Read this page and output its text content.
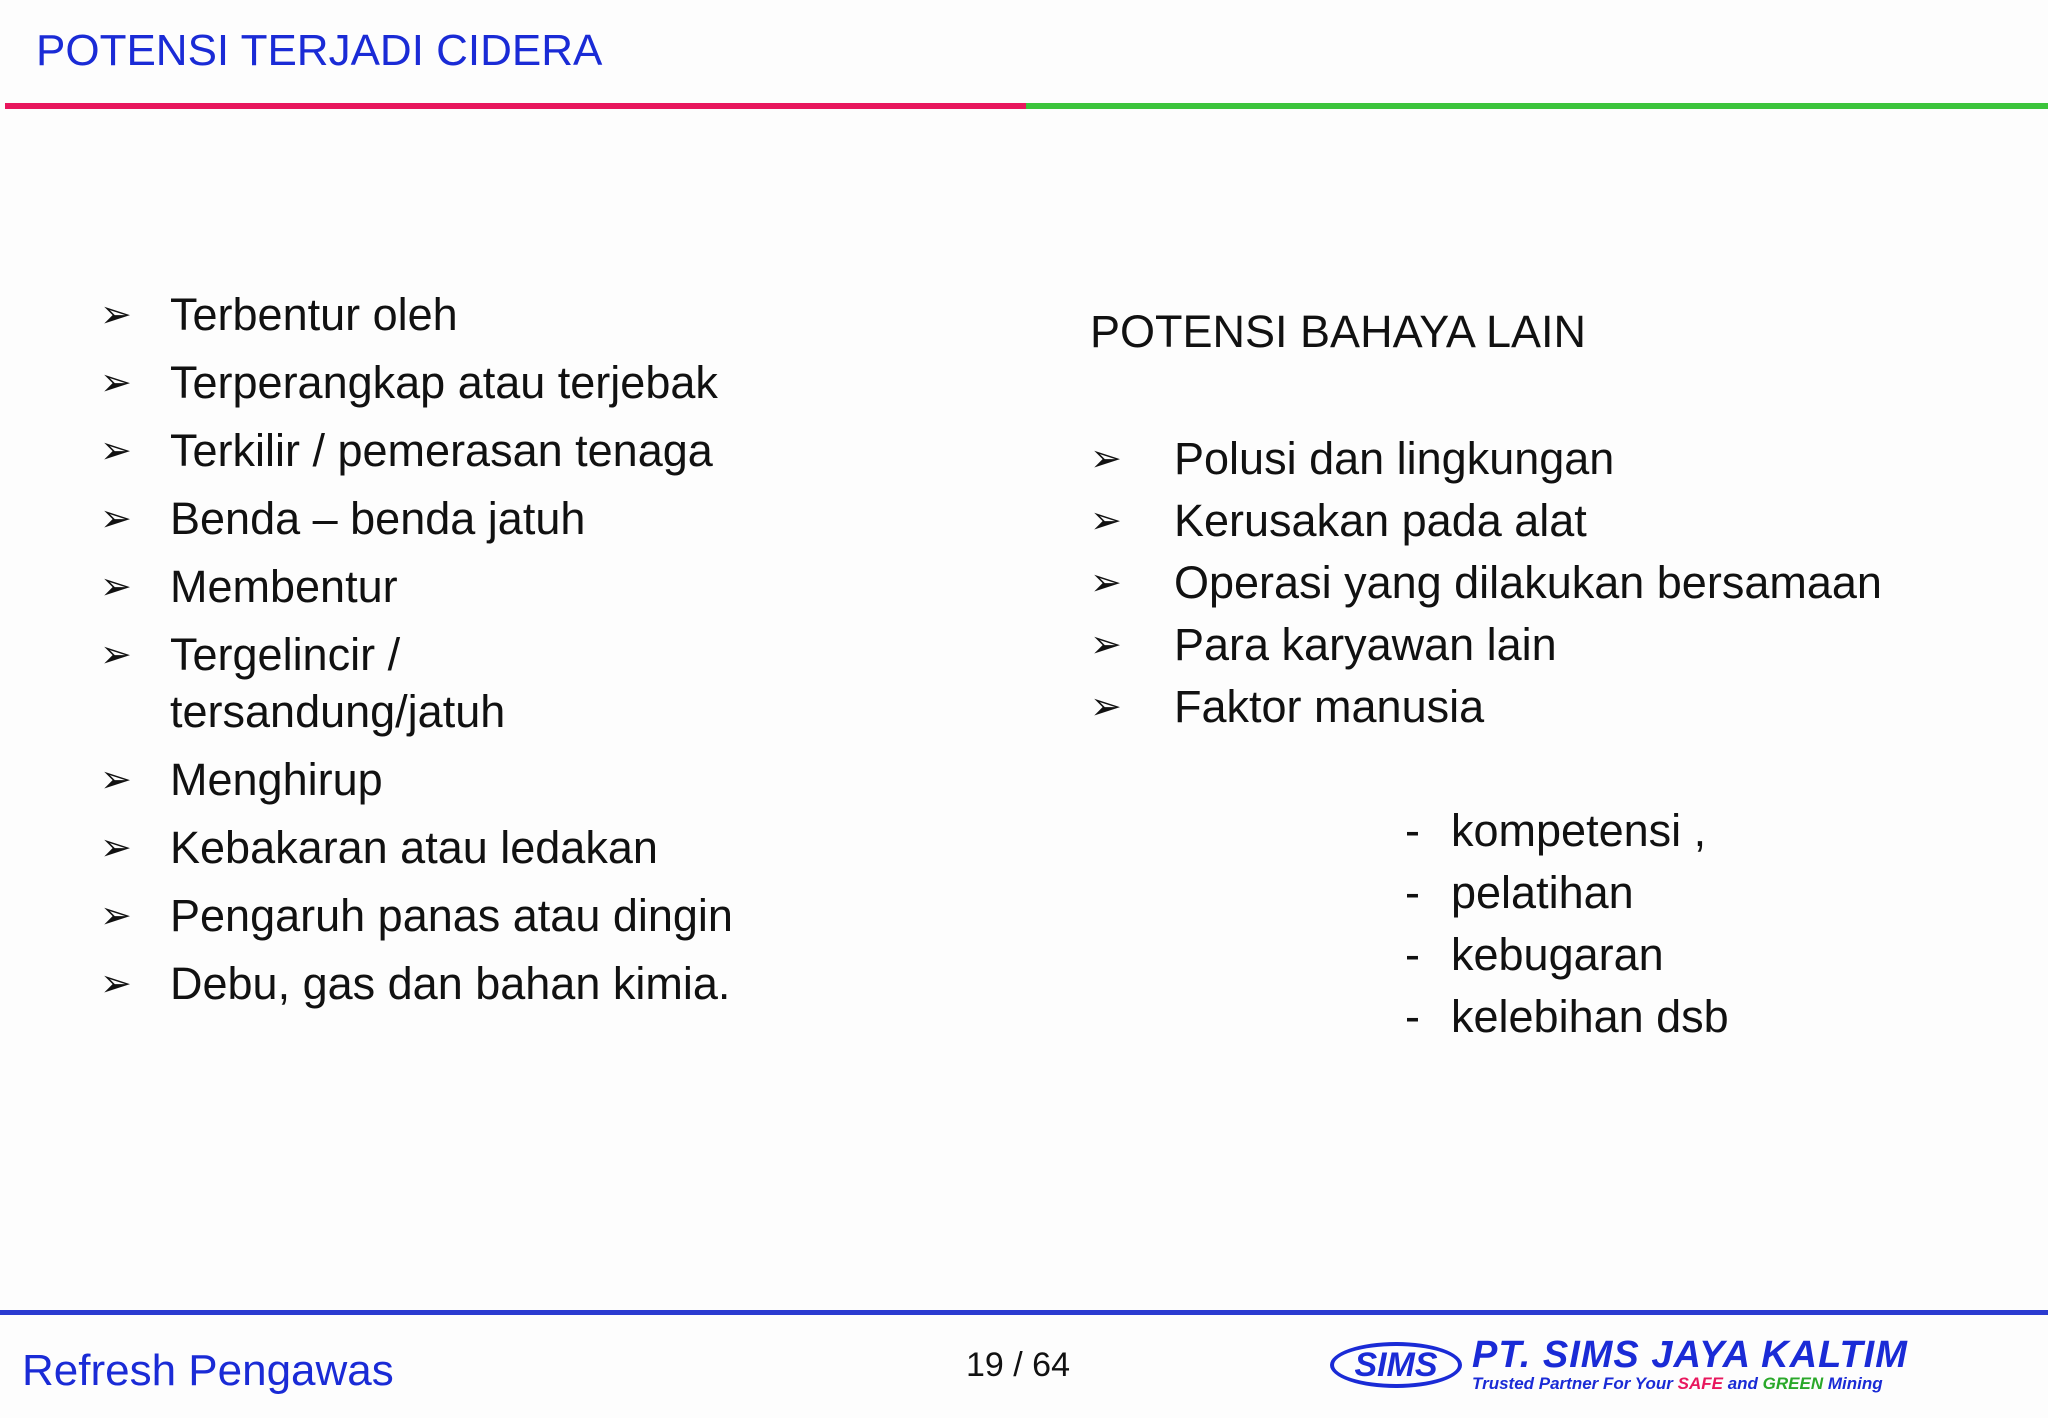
POTENSI TERJADI CIDERA
➢ Terbentur oleh
➢ Terperangkap atau terjebak
➢ Terkilir / pemerasan tenaga
➢ Benda – benda jatuh
➢ Membentur
➢ Tergelincir /
tersandung/jatuh
➢ Menghirup
➢ Kebakaran atau ledakan
➢ Pengaruh panas atau dingin
➢ Debu, gas dan bahan kimia.
POTENSI BAHAYA LAIN
➢ Polusi dan lingkungan
➢ Kerusakan pada alat
➢ Operasi yang dilakukan bersamaan
➢ Para karyawan lain
➢ Faktor manusia
- kompetensi ,
- pelatihan
- kebugaran
- kelebihan dsb
Refresh Pengawas	19 / 64	SIMS PT. SIMS JAYA KALTIM
Trusted Partner For Your SAFE and GREEN Mining
